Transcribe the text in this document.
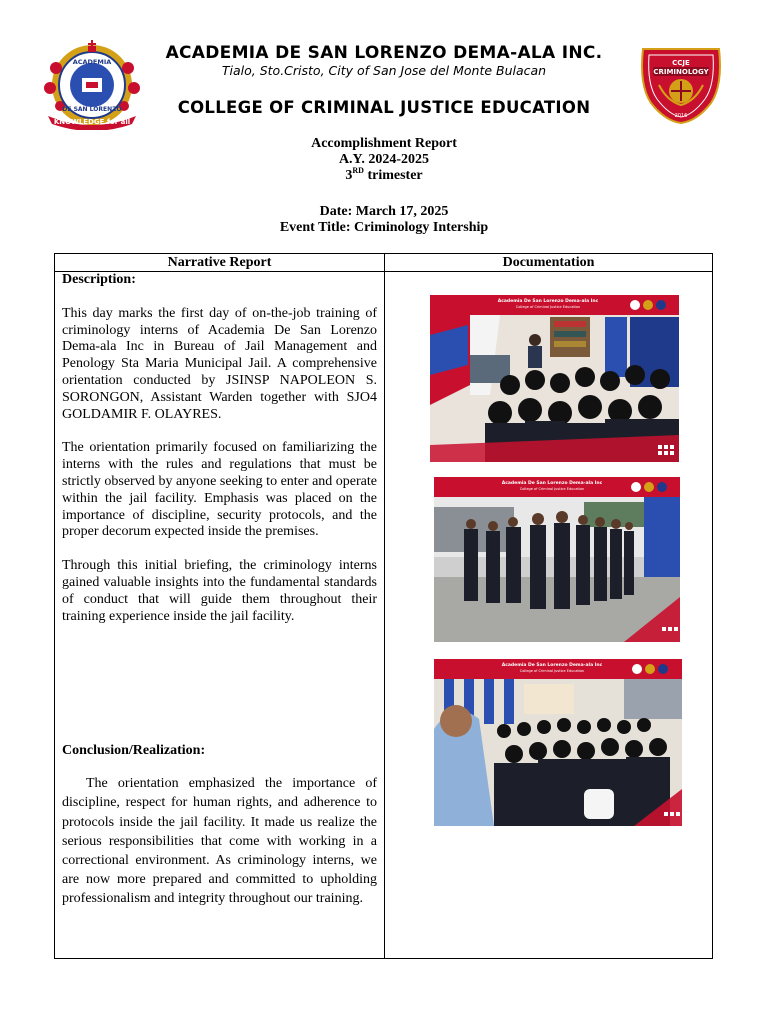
KNOWLEDGE for all
ACADEMIA
DE SAN LORENZO
ACADEMIA DE SAN LORENZO DEMA-ALA INC.
Tialo, Sto.Cristo, City of San Jose del Monte Bulacan
COLLEGE OF CRIMINAL JUSTICE EDUCATION
CCJE
CRIMINOLOGY
2016
Accomplishment Report
A.Y. 2024-2025
3RD trimester
Date: March 17, 2025
Event Title: Criminology Intership
Narrative Report	Documentation

Description:

This day marks the first day of on-the-job training of criminology interns of Academia De San Lorenzo Dema-ala Inc in Bureau of Jail Management and Penology Sta Maria Municipal Jail. A comprehensive orientation conducted by JSINSP NAPOLEON S. SORONGON, Assistant Warden together with SJO4 GOLDAMIR F. OLAYRES.

The orientation primarily focused on familiarizing the interns with the rules and regulations that must be strictly observed by anyone seeking to enter and operate within the jail facility. Emphasis was placed on the importance of discipline, security protocols, and the proper decorum expected inside the premises.

Through this initial briefing, the criminology interns gained valuable insights into the fundamental standards of conduct that will guide them throughout their training experience inside the jail facility.

Conclusion/Realization:

The orientation emphasized the importance of discipline, respect for human rights, and adherence to protocols inside the jail facility. It made us realize the serious responsibilities that come with working in a correctional environment. As criminology interns, we are now more prepared and committed to upholding professionalism and integrity throughout our training.

Academia De San Lorenzo Dema-ala Inc
College of Criminal Justice Education
Academia De San Lorenzo Dema-ala Inc
College of Criminal Justice Education
Academia De San Lorenzo Dema-ala Inc
College of Criminal Justice Education
